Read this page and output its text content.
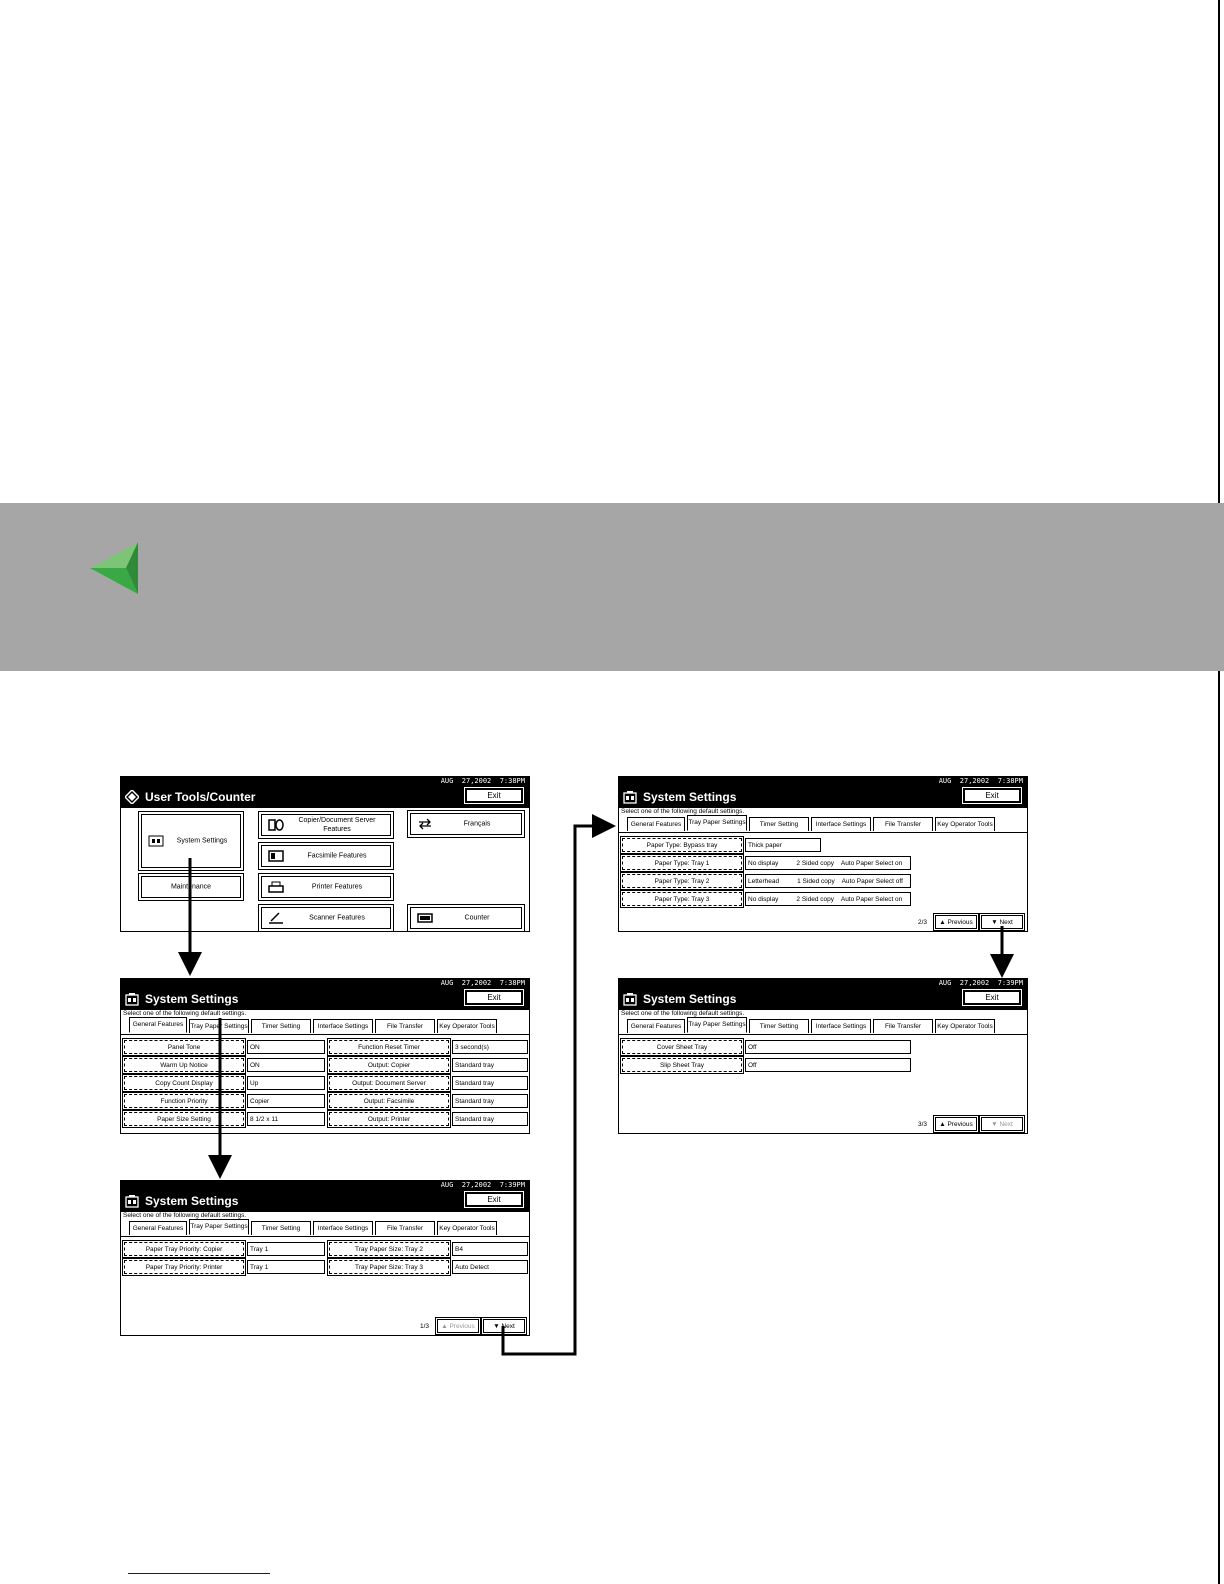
AUG  27,2002  7:38PM
User Tools/Counter	Exit
System Settings
Maintenance
Copier/Document Server Features
Facsimile Features
Printer Features
Scanner Features
Français
Counter
AUG  27,2002  7:38PM
System Settings	Exit
Select one of the following default settings.
General Features	Tray Paper Settings	Timer Setting	Interface Settings	File Transfer	Key Operator Tools
Panel Tone	ON	Function Reset Timer	3 second(s)
Warm Up Notice	ON	Output: Copier	Standard tray
Copy Count Display	Up	Output: Document Server	Standard tray
Function Priority	Copier	Output: Facsimile	Standard tray
Paper Size Setting	8 1/2 x 11	Output: Printer	Standard tray
AUG  27,2002  7:39PM
System Settings	Exit
Select one of the following default settings.
General Features	Tray Paper Settings	Timer Setting	Interface Settings	File Transfer	Key Operator Tools
Paper Tray Priority: Copier	Tray 1	Tray Paper Size: Tray 2	B4
Paper Tray Priority: Printer	Tray 1	Tray Paper Size: Tray 3	Auto Detect
1/3	▲ Previous	▼ Next
AUG  27,2002  7:38PM
System Settings	Exit
Select one of the following default settings.
General Features	Tray Paper Settings	Timer Setting	Interface Settings	File Transfer	Key Operator Tools
Paper Type: Bypass tray	Thick paper
Paper Type: Tray 1	No display          2 Sided copy    Auto Paper Select on
Paper Type: Tray 2	Letterhead          1 Sided copy    Auto Paper Select off
Paper Type: Tray 3	No display          2 Sided copy    Auto Paper Select on
2/3	▲ Previous	▼ Next
AUG  27,2002  7:39PM
System Settings	Exit
Select one of the following default settings.
General Features	Tray Paper Settings	Timer Setting	Interface Settings	File Transfer	Key Operator Tools
Cover Sheet Tray	Off
Slip Sheet Tray	Off
3/3	▲ Previous	▼ Next
